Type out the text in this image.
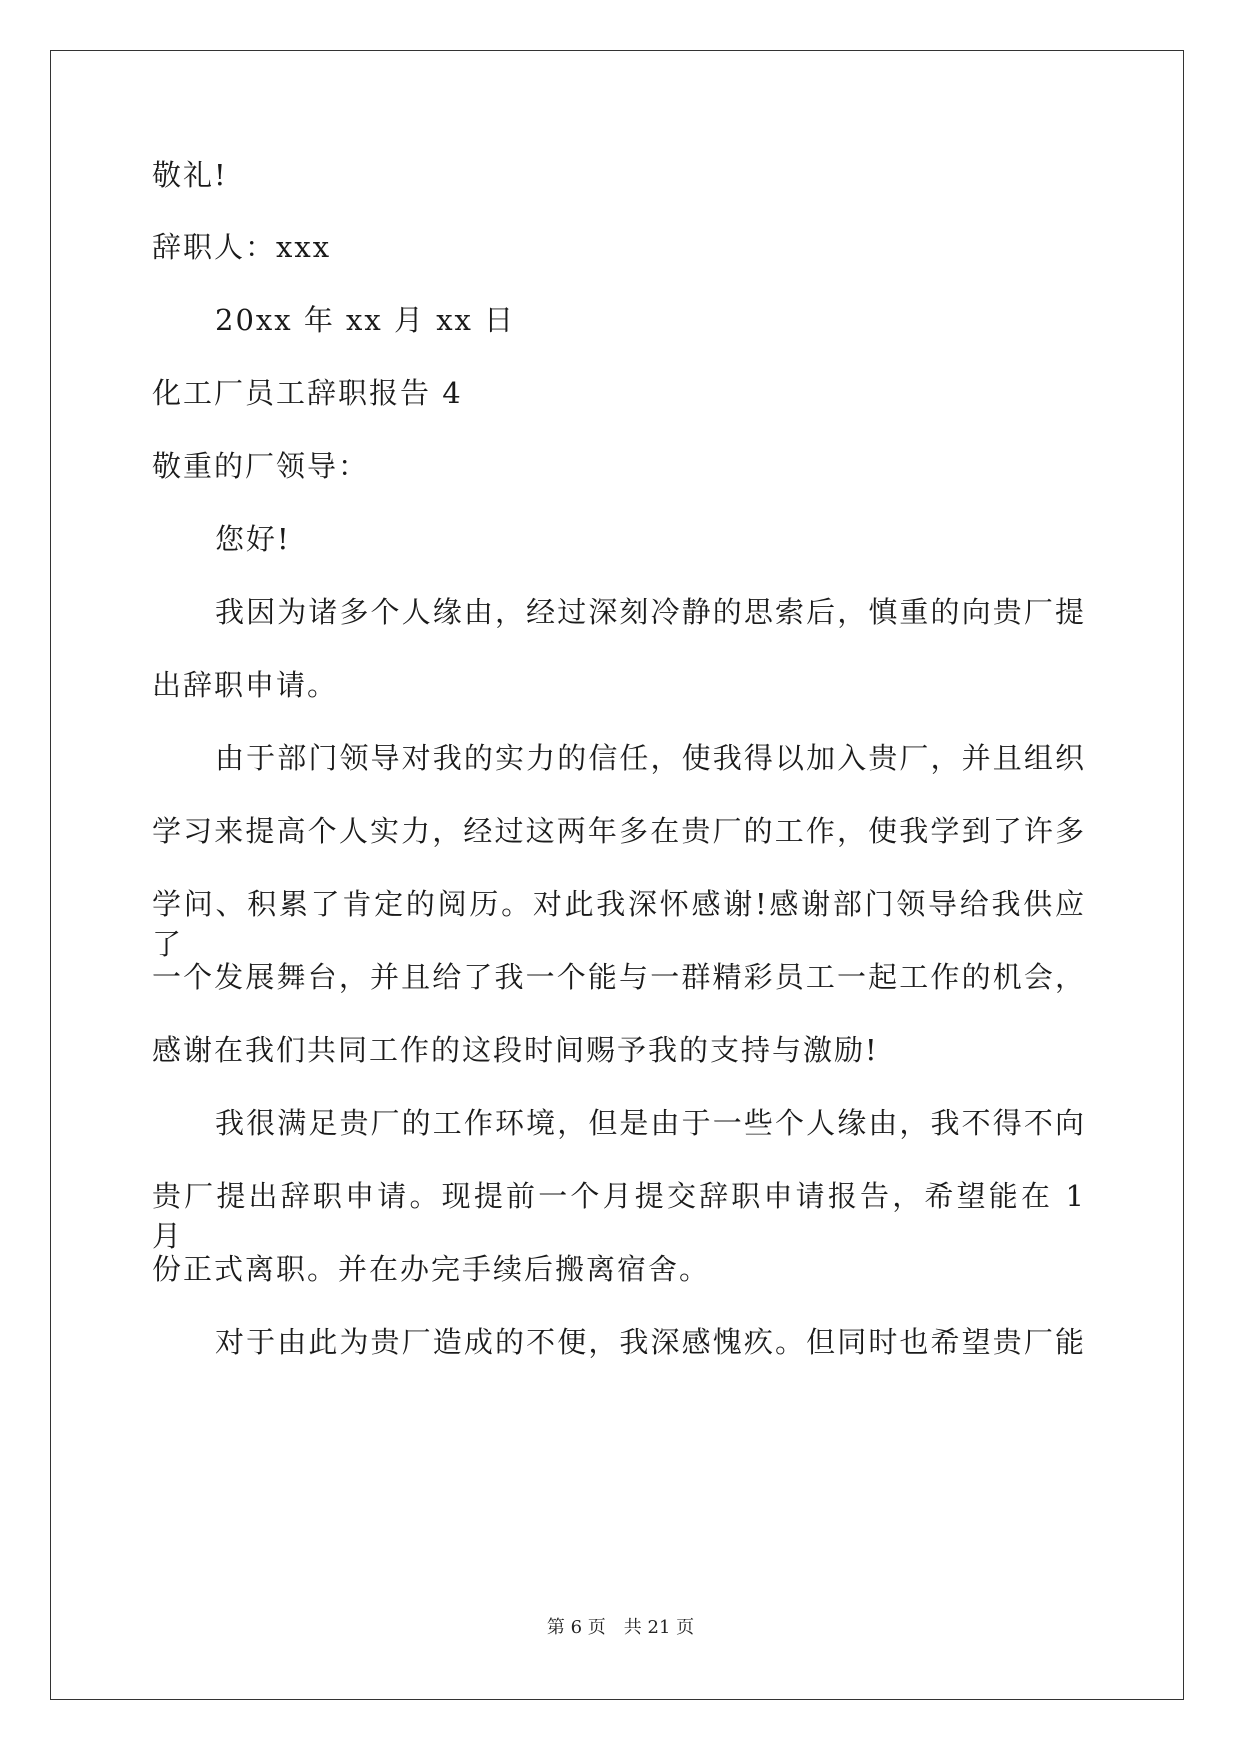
敬礼!
辞职人：xxx
20xx 年 xx 月 xx 日
化工厂员工辞职报告 4
敬重的厂领导：
您好!
我因为诸多个人缘由，经过深刻冷静的思索后，慎重的向贵厂提
出辞职申请。
由于部门领导对我的实力的信任，使我得以加入贵厂，并且组织
学习来提高个人实力，经过这两年多在贵厂的工作，使我学到了许多
学问、积累了肯定的阅历。对此我深怀感谢!感谢部门领导给我供应了
一个发展舞台，并且给了我一个能与一群精彩员工一起工作的机会，
感谢在我们共同工作的这段时间赐予我的支持与激励!
我很满足贵厂的工作环境，但是由于一些个人缘由，我不得不向
贵厂提出辞职申请。现提前一个月提交辞职申请报告，希望能在 1 月
份正式离职。并在办完手续后搬离宿舍。
对于由此为贵厂造成的不便，我深感愧疚。但同时也希望贵厂能
第 6 页　共 21 页
